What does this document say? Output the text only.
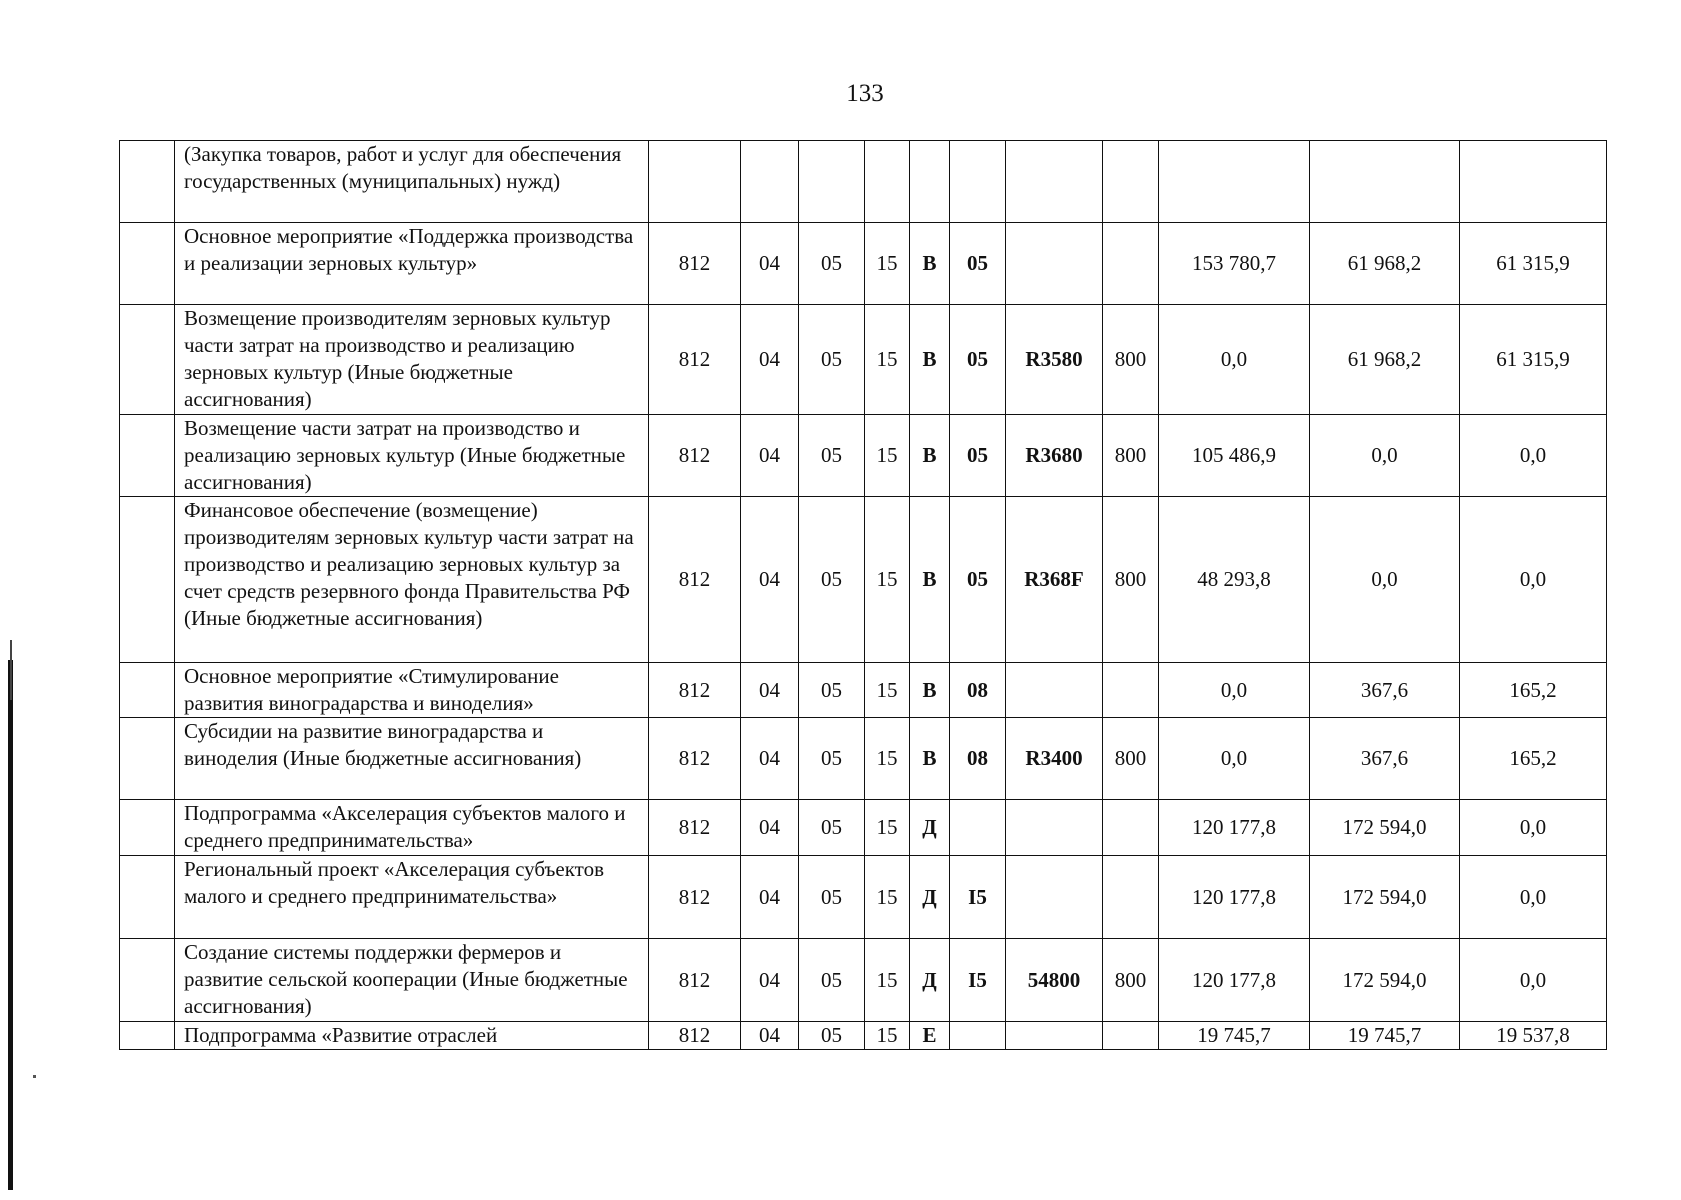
133
	(Закупка товаров, работ и услуг для обеспечения государственных (муниципальных) нужд)											
	Основное мероприятие «Поддержка производства и реализации зерновых культур»	812	04	05	15	В	05			153 780,7	61 968,2	61 315,9
	Возмещение производителям зерновых культур части затрат на производство и реализацию зерновых культур (Иные бюджетные ассигнования)	812	04	05	15	В	05	R3580	800	0,0	61 968,2	61 315,9
	Возмещение части затрат на производство и реализацию зерновых культур (Иные бюджетные ассигнования)	812	04	05	15	В	05	R3680	800	105 486,9	0,0	0,0
	Финансовое обеспечение (возмещение) производителям зерновых культур части затрат на производство и реализацию зерновых культур за счет средств резервного фонда Правительства РФ (Иные бюджетные ассигнования)	812	04	05	15	В	05	R368F	800	48 293,8	0,0	0,0
	Основное мероприятие «Стимулирование развития виноградарства и виноделия»	812	04	05	15	В	08			0,0	367,6	165,2
	Субсидии на развитие виноградарства и виноделия (Иные бюджетные ассигнования)	812	04	05	15	В	08	R3400	800	0,0	367,6	165,2
	Подпрограмма «Акселерация субъектов малого и среднего предпринимательства»	812	04	05	15	Д				120 177,8	172 594,0	0,0
	Региональный проект «Акселерация субъектов малого и среднего предпринимательства»	812	04	05	15	Д	I5			120 177,8	172 594,0	0,0
	Создание системы поддержки фермеров и развитие сельской кооперации (Иные бюджетные ассигнования)	812	04	05	15	Д	I5	54800	800	120 177,8	172 594,0	0,0
	Подпрограмма «Развитие отраслей	812	04	05	15	Е				19 745,7	19 745,7	19 537,8
